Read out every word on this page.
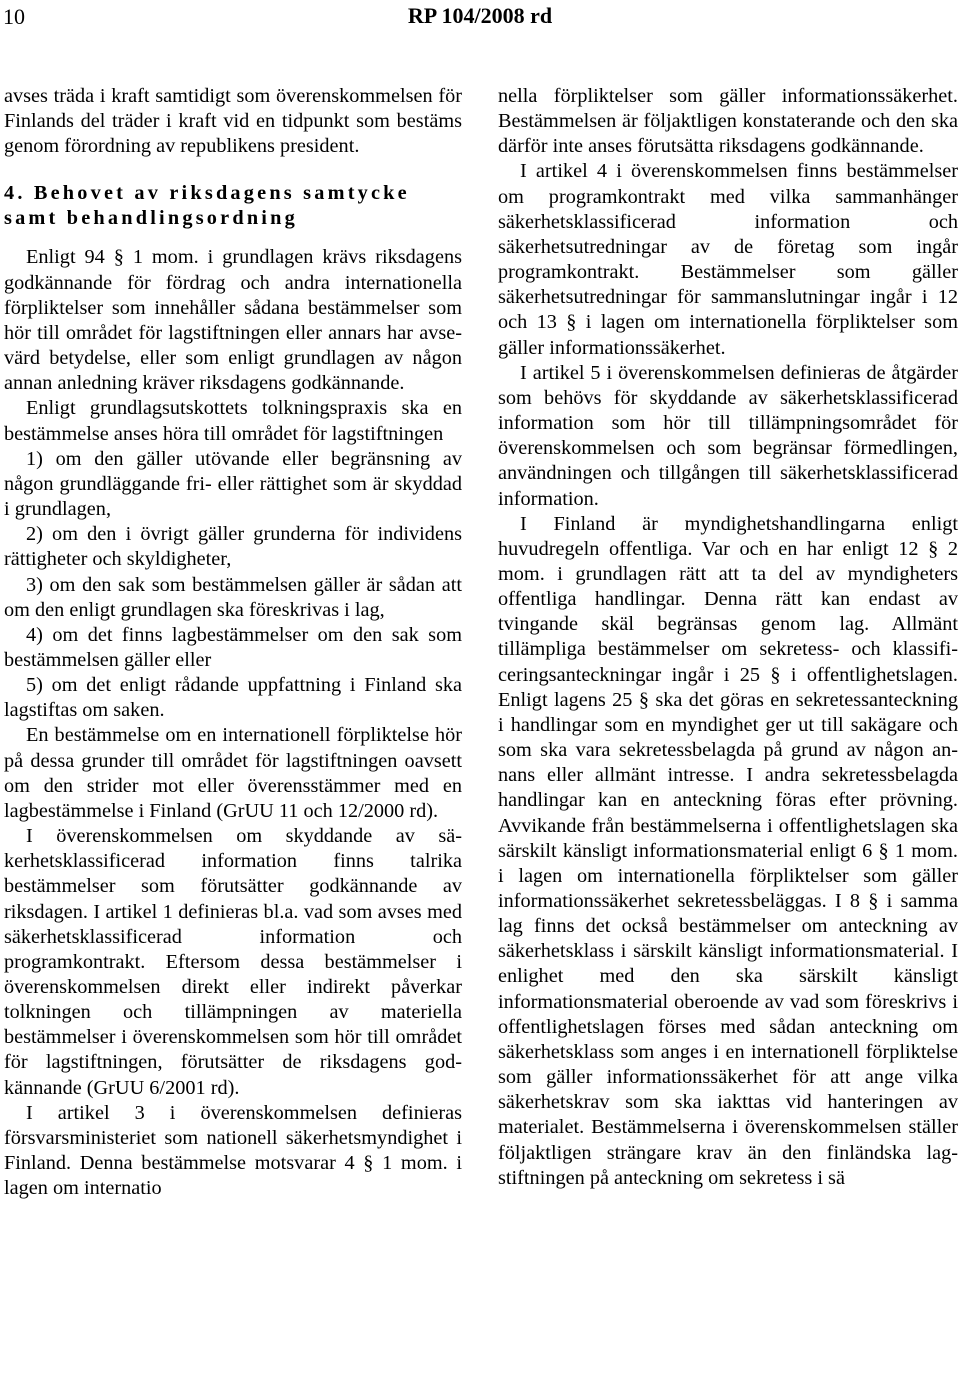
10	RP 104/2008 rd

avses träda i kraft samtidigt som överenskommelsen för Finlands del träder i kraft vid en tidpunkt som bestäms genom förordning av republikens president.

4. Behovet av riksdagens samtycke
samt behandlingsordning

Enligt 94 § 1 mom. i grundlagen krävs riksdagens godkännande för fördrag och andra internationella förpliktelser som innehåller sådana bestämmelser som hör till området för lagstiftningen eller annars har avsevärd betydelse, eller som enligt grundlagen av någon annan anledning kräver riksdagens godkännande.

Enligt grundlagsutskottets tolkningspraxis ska en bestämmelse anses höra till området för lagstiftningen

1) om den gäller utövande eller begränsning av någon grundläggande fri- eller rättighet som är skyddad i grundlagen,

2) om den i övrigt gäller grunderna för individens rättigheter och skyldigheter,

3) om den sak som bestämmelsen gäller är sådan att om den enligt grundlagen ska föreskrivas i lag,

4) om det finns lagbestämmelser om den sak som bestämmelsen gäller eller

5) om det enligt rådande uppfattning i Finland ska lagstiftas om saken.

En bestämmelse om en internationell förpliktelse hör på dessa grunder till området för lagstiftningen oavsett om den strider mot eller överensstämmer med en lagbestämmelse i Finland (GrUU 11 och 12/2000 rd).

I överenskommelsen om skyddande av säkerhetsklassificerad information finns talrika bestämmelser som förutsätter godkännande av riksdagen. I artikel 1 definieras bl.a. vad som avses med säkerhetsklassificerad information och programkontrakt. Eftersom dessa bestämmelser i överenskommelsen direkt eller indirekt påverkar tolkningen och tillämpningen av materiella bestämmelser i överenskommelsen som hör till området för lagstiftningen, förutsätter de riksdagens godkännande (GrUU 6/2001 rd).

I artikel 3 i överenskommelsen definieras försvarsministeriet som nationell säkerhetsmyndighet i Finland. Denna bestämmelse motsvarar 4 § 1 mom. i lagen om internatio

nella förpliktelser som gäller informationssäkerhet. Bestämmelsen är följaktligen konstaterande och den ska därför inte anses förutsätta riksdagens godkännande.

I artikel 4 i överenskommelsen finns bestämmelser om programkontrakt med vilka sammanhänger säkerhetsklassificerad information och säkerhetsutredningar av de företag som ingår programkontrakt. Bestämmelser som gäller säkerhetsutredningar för sammanslutningar ingår i 12 och 13 § i lagen om internationella förpliktelser som gäller informationssäkerhet.

I artikel 5 i överenskommelsen definieras de åtgärder som behövs för skyddande av säkerhetsklassificerad information som hör till tillämpningsområdet för överenskommelsen och som begränsar förmedlingen, användningen och tillgången till säkerhetsklassificerad information.

I Finland är myndighetshandlingarna enligt huvudregeln offentliga. Var och en har enligt 12 § 2 mom. i grundlagen rätt att ta del av myndigheters offentliga handlingar. Denna rätt kan endast av tvingande skäl begränsas genom lag. Allmänt tillämpliga bestämmelser om sekretess- och klassificeringsanteckningar ingår i 25 § i offentlighetslagen. Enligt lagens 25 § ska det göras en sekretessanteckning i handlingar som en myndighet ger ut till sakägare och som ska vara sekretessbelagda på grund av någon annans eller allmänt intresse. I andra sekretessbelagda handlingar kan en anteckning föras efter prövning. Avvikande från bestämmelserna i offentlighetslagen ska särskilt känsligt informationsmaterial enligt 6 § 1 mom. i lagen om internationella förpliktelser som gäller informationssäkerhet sekretessbeläggas. I 8 § i samma lag finns det också bestämmelser om anteckning av säkerhetsklass i särskilt känsligt informationsmaterial. I enlighet med den ska särskilt känsligt informationsmaterial oberoende av vad som föreskrivs i offentlighetslagen förses med sådan anteckning om säkerhetsklass som anges i en internationell förpliktelse som gäller informationssäkerhet för att ange vilka säkerhetskrav som ska iakttas vid hanteringen av materialet. Bestämmelserna i överenskommelsen ställer följaktligen strängare krav än den finländska lagstiftningen på anteckning om sekretess i sä
